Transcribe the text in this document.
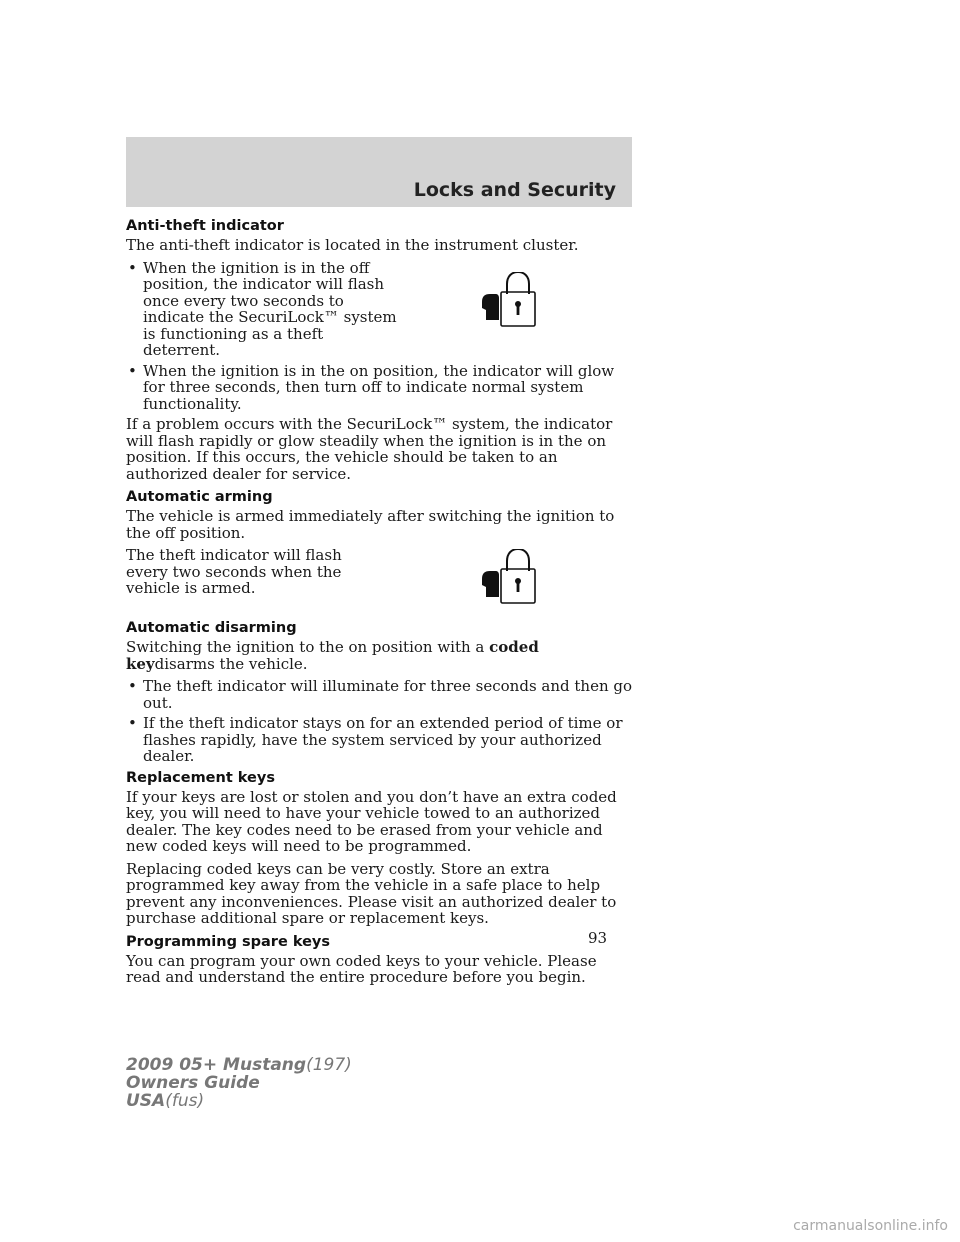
Locks and Security
Anti-theft indicator

The anti-theft indicator is located in the instrument cluster.

• When the ignition is in the off position, the indicator will flash once every two seconds to indicate the SecuriLock™ system is functioning as a theft deterrent.
• When the ignition is in the on position, the indicator will glow for three seconds, then turn off to indicate normal system functionality.

If a problem occurs with the SecuriLock™ system, the indicator will flash rapidly or glow steadily when the ignition is in the on position. If this occurs, the vehicle should be taken to an authorized dealer for service.

Automatic arming

The vehicle is armed immediately after switching the ignition to the off position.

The theft indicator will flash every two seconds when the vehicle is armed.

Automatic disarming

Switching the ignition to the on position with a coded keydisarms the vehicle.

• The theft indicator will illuminate for three seconds and then go out.
• If the theft indicator stays on for an extended period of time or flashes rapidly, have the system serviced by your authorized dealer.
Replacement keys

If your keys are lost or stolen and you don’t have an extra coded key, you will need to have your vehicle towed to an authorized dealer. The key codes need to be erased from your vehicle and new coded keys will need to be programmed.

Replacing coded keys can be very costly. Store an extra programmed key away from the vehicle in a safe place to help prevent any inconveniences. Please visit an authorized dealer to purchase additional spare or replacement keys.

Programming spare keys

You can program your own coded keys to your vehicle. Please read and understand the entire procedure before you begin.

93
2009 05+ Mustang(197)
Owners Guide
USA(fus)
carmanualsonline.info
